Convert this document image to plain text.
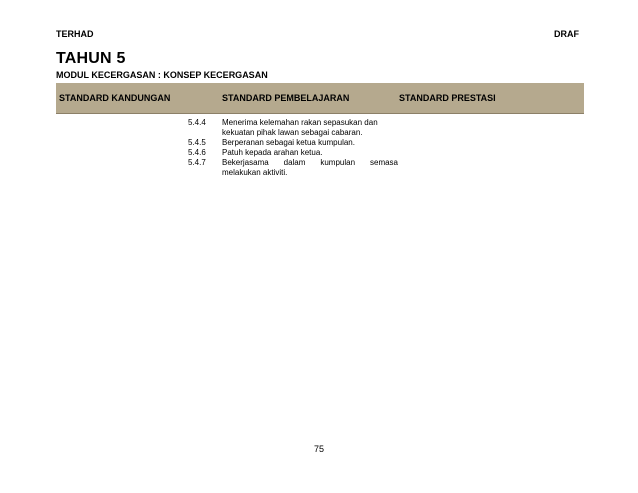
TERHAD	DRAF
TAHUN 5
MODUL KECERGASAN : KONSEP KECERGASAN
STANDARD KANDUNGAN	STANDARD PEMBELAJARAN	STANDARD PRESTASI
5.4.4	Menerima kelemahan rakan sepasukan dan
kekuatan pihak lawan sebagai cabaran.
5.4.5	Berperanan sebagai ketua kumpulan.
5.4.6	Patuh kepada arahan ketua.
5.4.7	Bekerjasama dalam kumpulan semasa
melakukan aktiviti.
75
